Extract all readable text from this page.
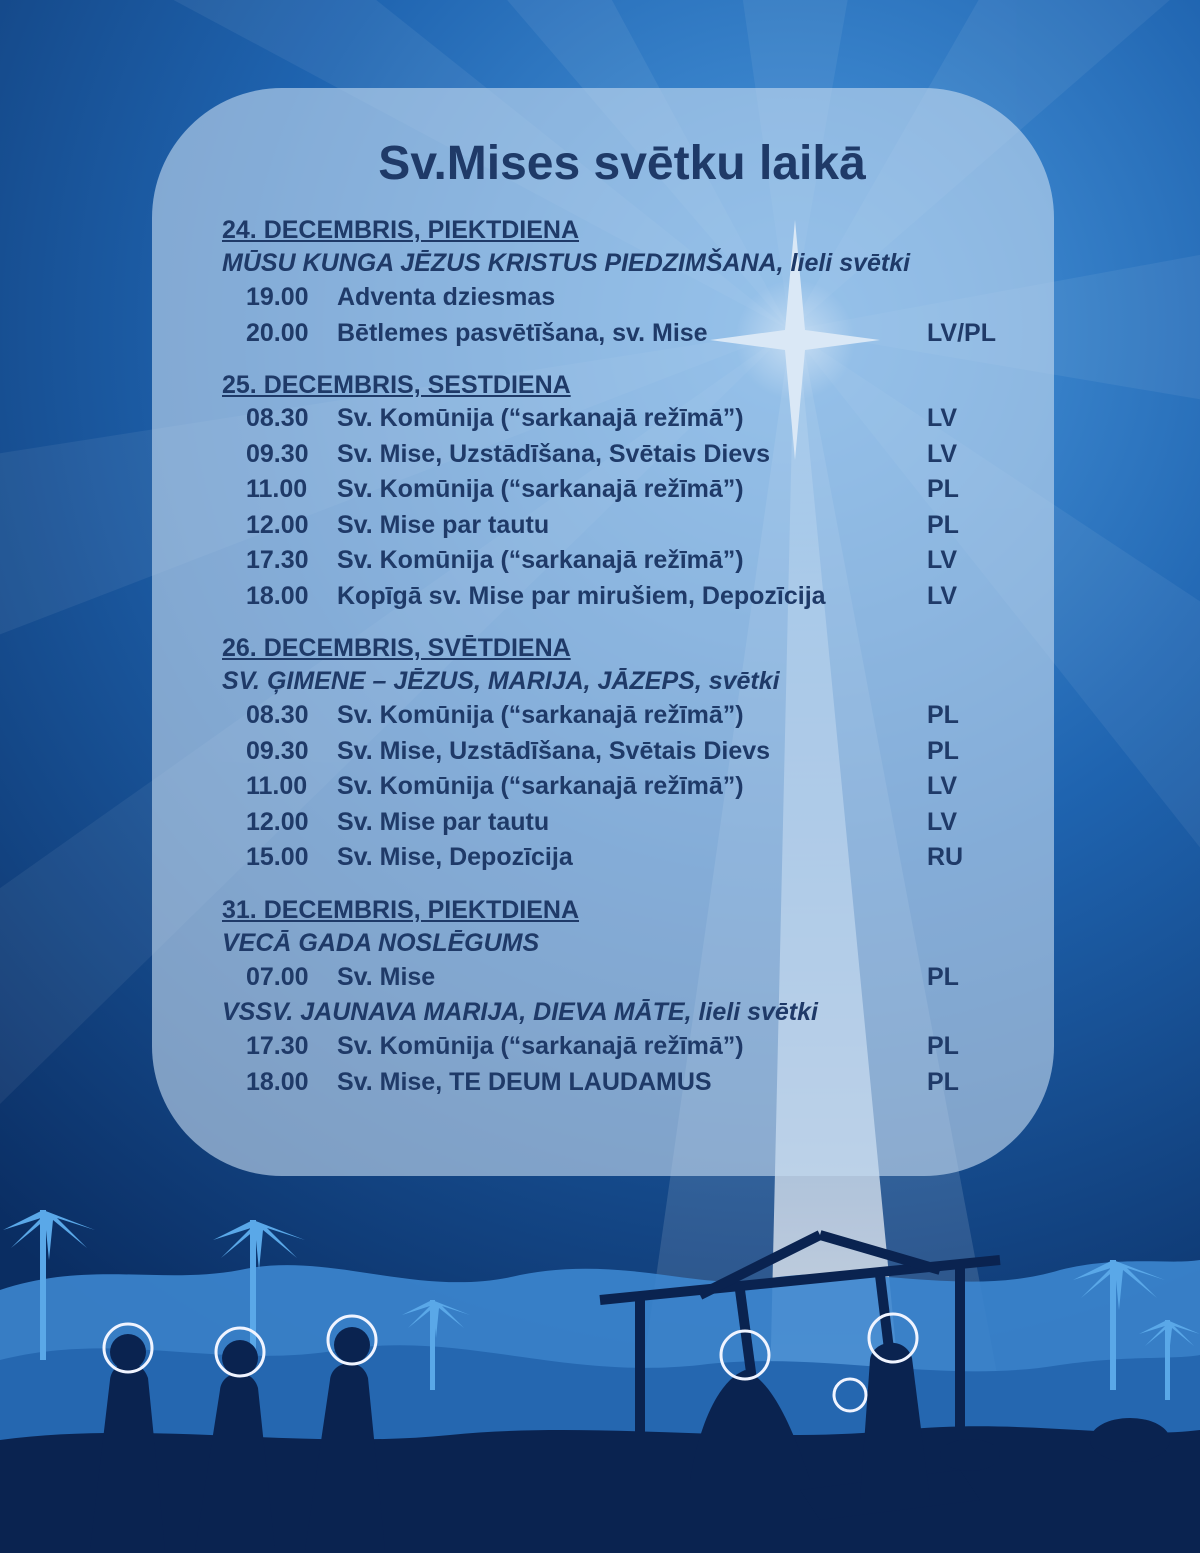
Sv.Mises svētku laikā
24. DECEMBRIS, PIEKTDIENA
MŪSU KUNGA JĒZUS KRISTUS PIEDZIMŠANA, lieli svētki
19.00	Adventa dziesmas
20.00	Bētlemes pasvētīšana, sv. Mise	LV/PL
25. DECEMBRIS, SESTDIENA
08.30	Sv. Komūnija (“sarkanajā režīmā”)	LV
09.30	Sv. Mise, Uzstādīšana, Svētais Dievs	LV
11.00	Sv. Komūnija (“sarkanajā režīmā”)	PL
12.00	Sv. Mise par tautu	PL
17.30	Sv. Komūnija (“sarkanajā režīmā”)	LV
18.00	Kopīgā sv. Mise par mirušiem, Depozīcija	LV
26. DECEMBRIS, SVĒTDIENA
SV. ĢIMENE – JĒZUS, MARIJA, JĀZEPS, svētki
08.30	Sv. Komūnija (“sarkanajā režīmā”)	PL
09.30	Sv. Mise, Uzstādīšana, Svētais Dievs	PL
11.00	Sv. Komūnija (“sarkanajā režīmā”)	LV
12.00	Sv. Mise par tautu	LV
15.00	Sv. Mise, Depozīcija	RU
31. DECEMBRIS, PIEKTDIENA
VECĀ GADA NOSLĒGUMS
07.00	Sv. Mise	PL
VSSV. JAUNAVA MARIJA, DIEVA MĀTE, lieli svētki
17.30	Sv. Komūnija (“sarkanajā režīmā”)	PL
18.00	Sv. Mise, TE DEUM LAUDAMUS	PL
